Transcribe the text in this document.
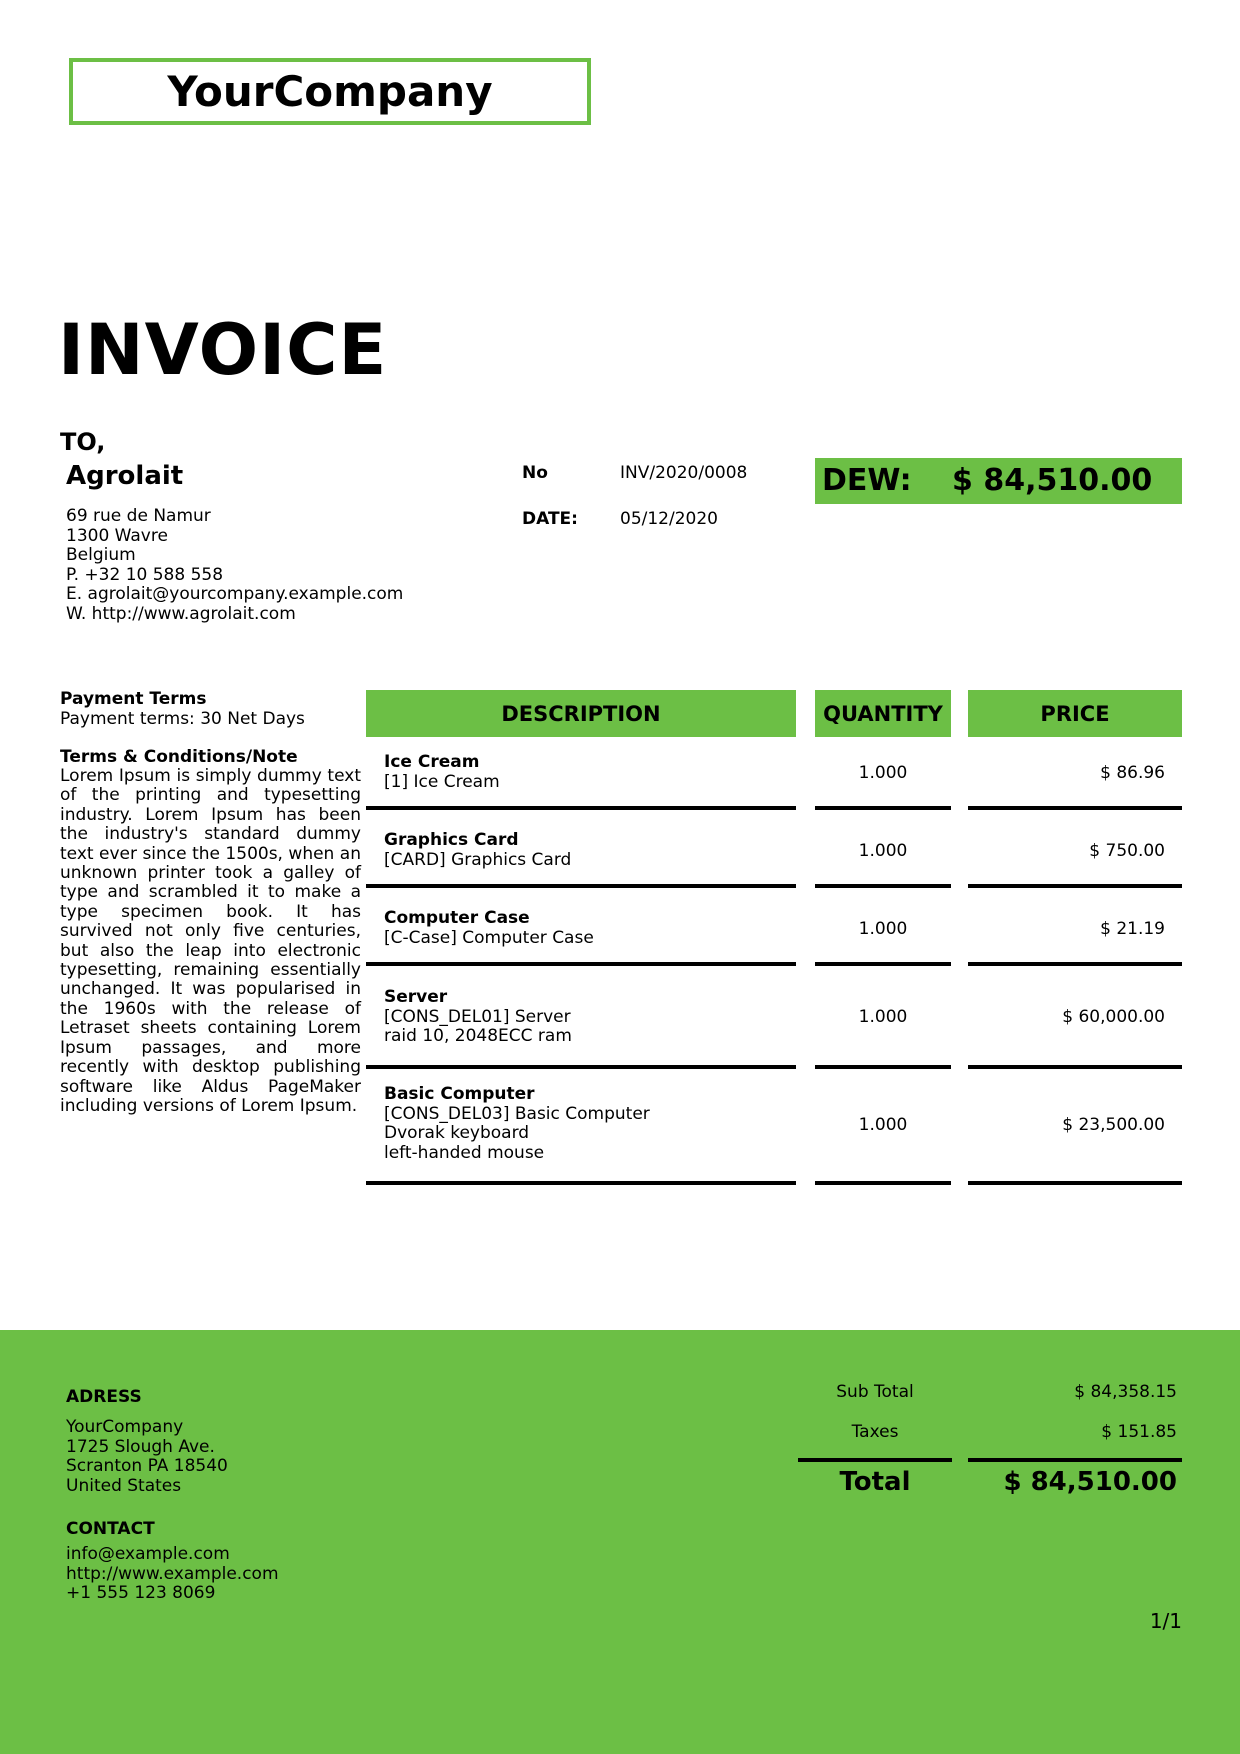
YourCompany
INVOICE
TO,
Agrolait
69 rue de Namur
1300 Wavre
Belgium
P. +32 10 588 558
E. agrolait@yourcompany.example.com
W. http://www.agrolait.com
No	INV/2020/0008
DATE: 05/12/2020
DEW: $ 84,510.00
Payment Terms
Payment terms: 30 Net Days
Terms & Conditions/Note
Lorem Ipsum is simply dummy text of the printing and typesetting industry. Lorem Ipsum has been the industry's standard dummy text ever since the 1500s, when an unknown printer took a galley of type and scrambled it to make a type specimen book. It has survived not only five centuries, but also the leap into electronic typesetting, remaining essentially unchanged. It was popularised in the 1960s with the release of Letraset sheets containing Lorem Ipsum passages, and more recently with desktop publishing software like Aldus PageMaker including versions of Lorem Ipsum.
DESCRIPTION	QUANTITY	PRICE
Ice Cream
[1] Ice Cream	1.000	$ 86.96
Graphics Card
[CARD] Graphics Card	1.000	$ 750.00
Computer Case
[C-Case] Computer Case	1.000	$ 21.19
Server
[CONS_DEL01] Server
raid 10, 2048ECC ram
1.000	$ 60,000.00
Basic Computer
[CONS_DEL03] Basic Computer
Dvorak keyboard
left-handed mouse
1.000	$ 23,500.00
ADRESS
YourCompany
1725 Slough Ave.
Scranton PA 18540
United States
CONTACT
info@example.com
http://www.example.com
+1 555 123 8069
Sub Total	$ 84,358.15
Taxes	$ 151.85
Total	$ 84,510.00
1/1
